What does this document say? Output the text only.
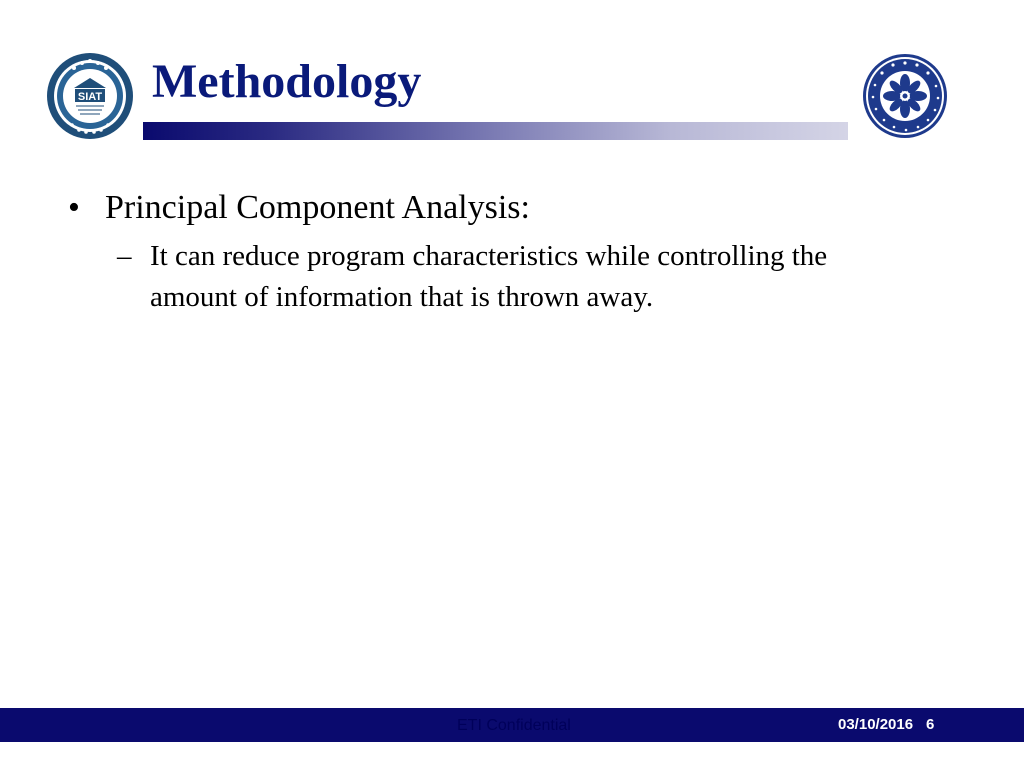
SIAT Methodology
• Principal Component Analysis:
– It can reduce program characteristics while controlling the amount of information that is thrown away.
ETI Confidential	03/10/2016 6
